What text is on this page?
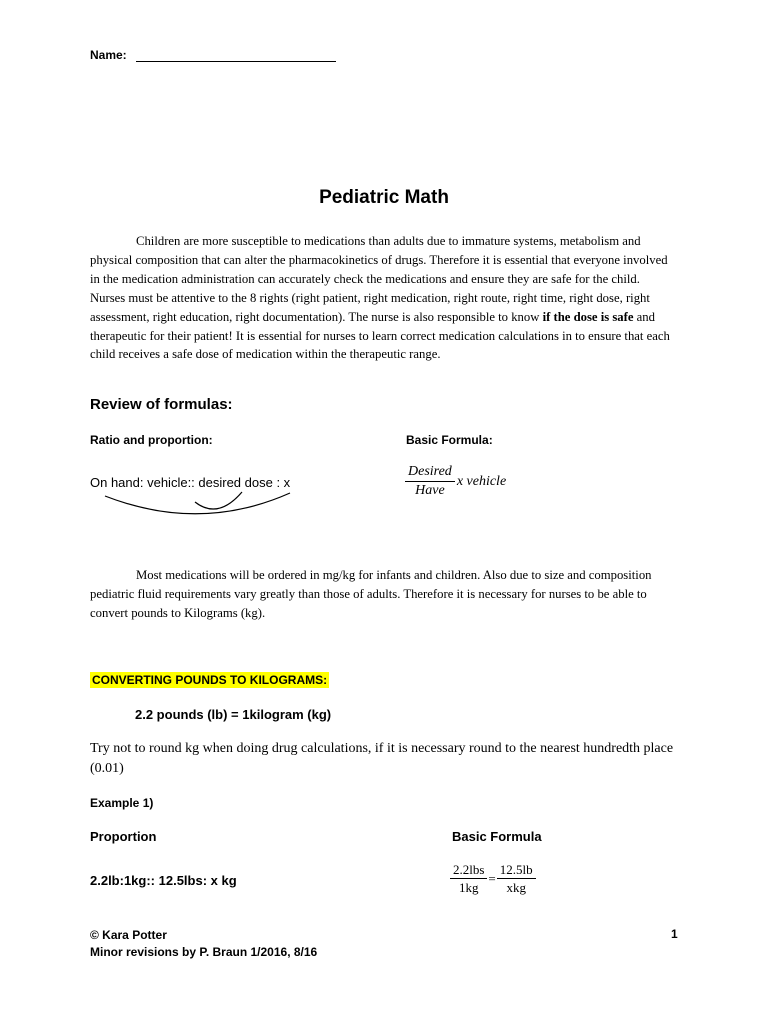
Name:
Pediatric Math

Children are more susceptible to medications than adults due to immature systems, metabolism and physical composition that can alter the pharmacokinetics of drugs. Therefore it is essential that everyone involved in the medication administration can accurately check the medications and ensure they are safe for the child. Nurses must be attentive to the 8 rights (right patient, right medication, right route, right time, right dose, right assessment, right education, right documentation). The nurse is also responsible to know if the dose is safe and therapeutic for their patient! It is essential for nurses to learn correct medication calculations in to ensure that each child receives a safe dose of medication within the therapeutic range.

Review of formulas:
Ratio and proportion:	Basic Formula:
On hand: vehicle:: desired dose : x	$\frac{\text{Desired}}{\text{Have}}$ x vehicle

Most medications will be ordered in mg/kg for infants and children. Also due to size and composition pediatric fluid requirements vary greatly than those of adults. Therefore it is necessary for nurses to be able to convert pounds to Kilograms (kg).

CONVERTING POUNDS TO KILOGRAMS:
2.2 pounds (lb) = 1kilogram (kg)
Try not to round kg when doing drug calculations, if it is necessary round to the nearest hundredth place (0.01)
Example 1)
Proportion	Basic Formula
2.2lb:1kg:: 12.5lbs: x kg	$\frac{\text{2.2lbs}}{1kg} = \frac{12.5lb}{\text{xkg}}$
© Kara Potter
Minor revisions by P. Braun 1/2016, 8/16
1
